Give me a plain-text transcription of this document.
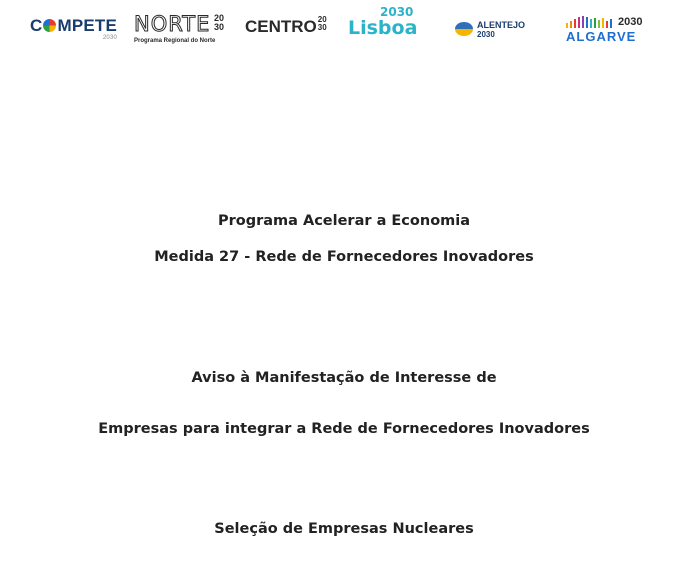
C MPETE
2030
NORTE 20
30
Programa Regional do Norte
CENTRO20
30
2030
Lisboa	ALENTEJO
2030
2030
ALGARVE
Programa Acelerar a Economia
Medida 27 - Rede de Fornecedores Inovadores
Aviso à Manifestação de Interesse de
Empresas para integrar a Rede de Fornecedores Inovadores
Seleção de Empresas Nucleares
